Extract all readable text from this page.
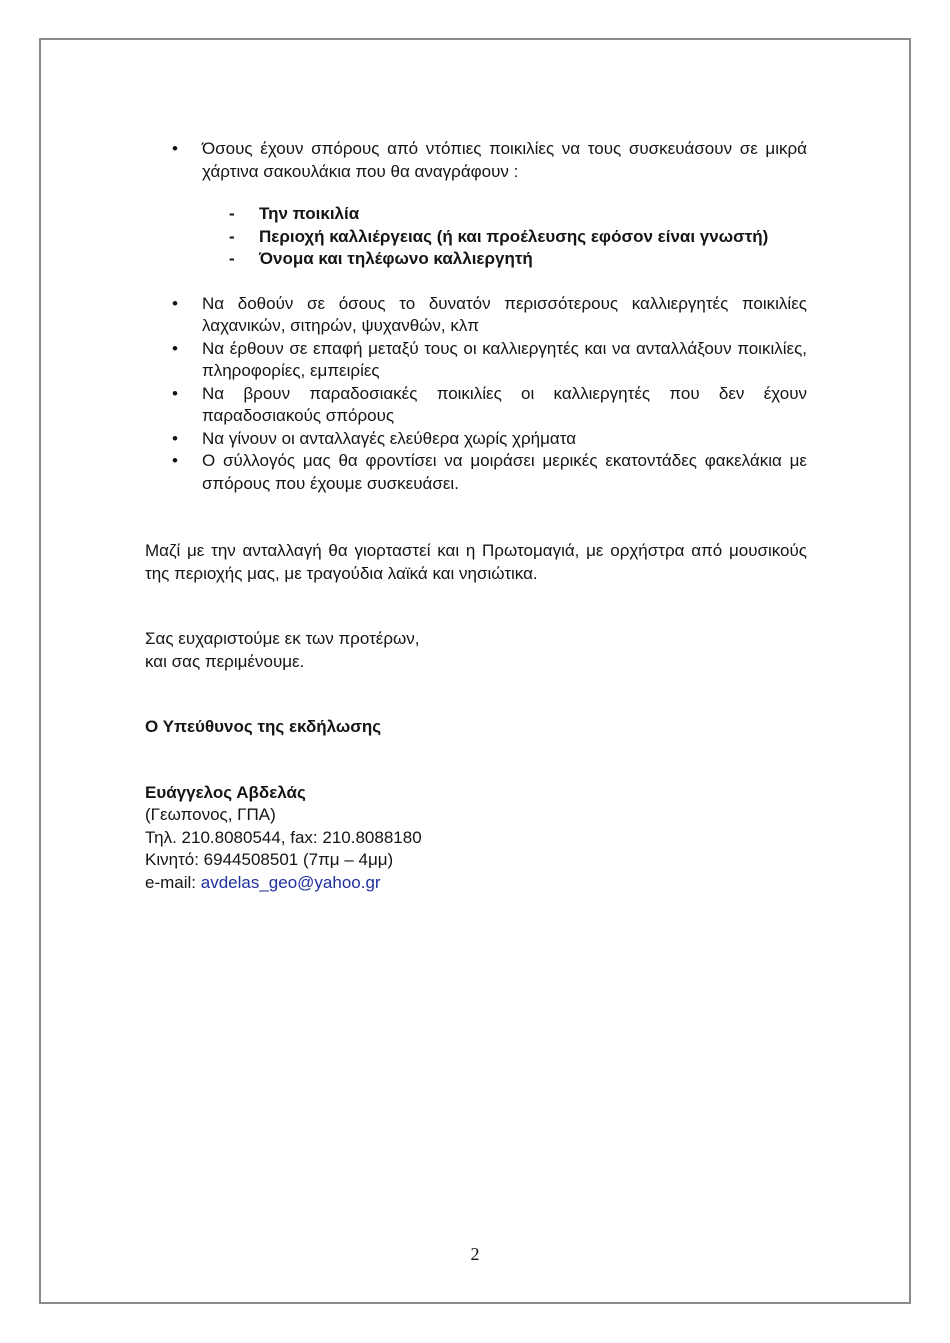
• Όσους έχουν σπόρους από ντόπιες ποικιλίες να τους συσκευάσουν σε μικρά χάρτινα σακουλάκια που θα αναγράφουν :
- Την ποικιλία
- Περιοχή καλλιέργειας (ή και προέλευσης εφόσον είναι γνωστή)
- Όνομα και τηλέφωνο καλλιεργητή
• Να δοθούν σε όσους το δυνατόν περισσότερους καλλιεργητές ποικιλίες λαχανικών, σιτηρών, ψυχανθών, κλπ
• Να έρθουν σε επαφή μεταξύ τους οι καλλιεργητές και να ανταλλάξουν ποικιλίες, πληροφορίες, εμπειρίες
• Να βρουν παραδοσιακές ποικιλίες οι καλλιεργητές που δεν έχουν παραδοσιακούς σπόρους
• Να γίνουν οι ανταλλαγές ελεύθερα χωρίς χρήματα
• Ο σύλλογός μας θα φροντίσει να μοιράσει μερικές εκατοντάδες φακελάκια με σπόρους που έχουμε συσκευάσει.

Μαζί με την ανταλλαγή θα γιορταστεί και η Πρωτομαγιά, με ορχήστρα από μουσικούς της περιοχής μας, με τραγούδια λαϊκά και νησιώτικα.

Σας ευχαριστούμε εκ των προτέρων,
και σας περιμένουμε.
Ο Υπεύθυνος της εκδήλωσης
Ευάγγελος Αβδελάς
(Γεωπονος, ΓΠΑ)
Τηλ. 210.8080544, fax: 210.8088180
Κινητό: 6944508501 (7πμ – 4μμ)
e-mail: avdelas_geo@yahoo.gr
2
